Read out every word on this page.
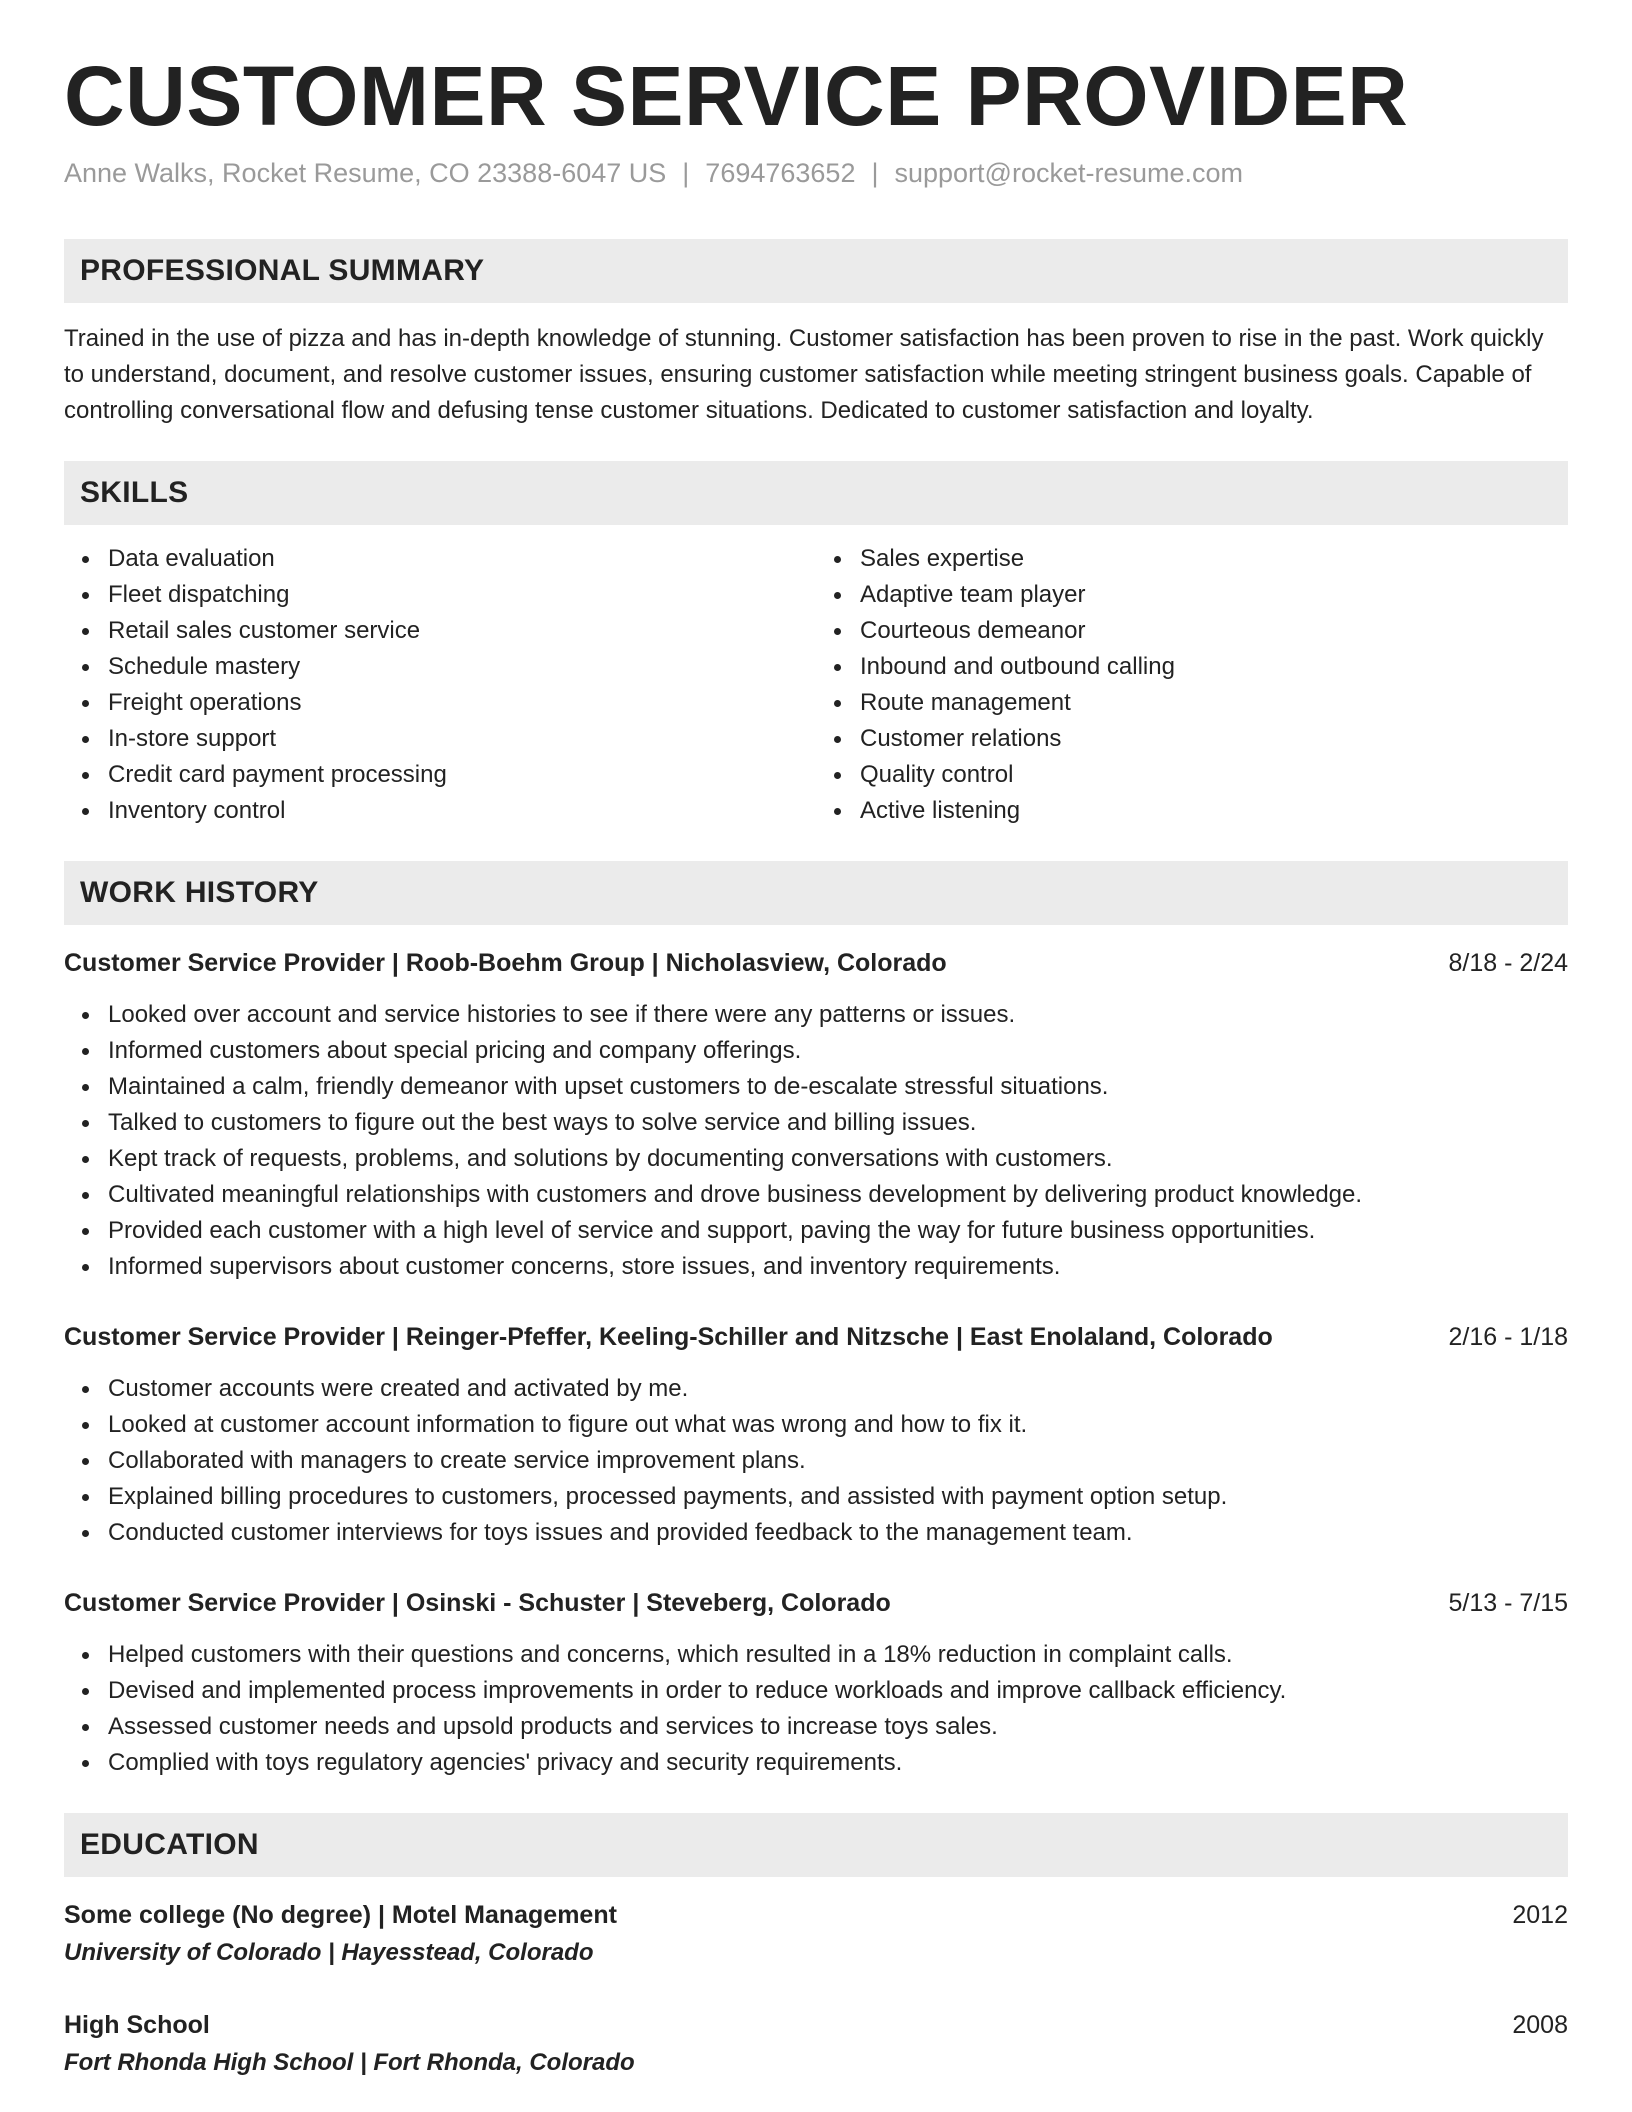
CUSTOMER SERVICE PROVIDER
Anne Walks, Rocket Resume, CO 23388-6047 US | 7694763652 | support@rocket-resume.com
PROFESSIONAL SUMMARY
Trained in the use of pizza and has in-depth knowledge of stunning. Customer satisfaction has been proven to rise in the past. Work quickly to understand, document, and resolve customer issues, ensuring customer satisfaction while meeting stringent business goals. Capable of controlling conversational flow and defusing tense customer situations. Dedicated to customer satisfaction and loyalty.
SKILLS
Data evaluation
Fleet dispatching
Retail sales customer service
Schedule mastery
Freight operations
In-store support
Credit card payment processing
Inventory control
Sales expertise
Adaptive team player
Courteous demeanor
Inbound and outbound calling
Route management
Customer relations
Quality control
Active listening
WORK HISTORY
Customer Service Provider | Roob-Boehm Group | Nicholasview, Colorado	8/18 - 2/24
Looked over account and service histories to see if there were any patterns or issues.
Informed customers about special pricing and company offerings.
Maintained a calm, friendly demeanor with upset customers to de-escalate stressful situations.
Talked to customers to figure out the best ways to solve service and billing issues.
Kept track of requests, problems, and solutions by documenting conversations with customers.
Cultivated meaningful relationships with customers and drove business development by delivering product knowledge.
Provided each customer with a high level of service and support, paving the way for future business opportunities.
Informed supervisors about customer concerns, store issues, and inventory requirements.
Customer Service Provider | Reinger-Pfeffer, Keeling-Schiller and Nitzsche | East Enolaland, Colorado	2/16 - 1/18
Customer accounts were created and activated by me.
Looked at customer account information to figure out what was wrong and how to fix it.
Collaborated with managers to create service improvement plans.
Explained billing procedures to customers, processed payments, and assisted with payment option setup.
Conducted customer interviews for toys issues and provided feedback to the management team.
Customer Service Provider | Osinski - Schuster | Steveberg, Colorado	5/13 - 7/15
Helped customers with their questions and concerns, which resulted in a 18% reduction in complaint calls.
Devised and implemented process improvements in order to reduce workloads and improve callback efficiency.
Assessed customer needs and upsold products and services to increase toys sales.
Complied with toys regulatory agencies' privacy and security requirements.
EDUCATION
Some college (No degree) | Motel Management	2012
University of Colorado | Hayesstead, Colorado
High School	2008
Fort Rhonda High School | Fort Rhonda, Colorado
